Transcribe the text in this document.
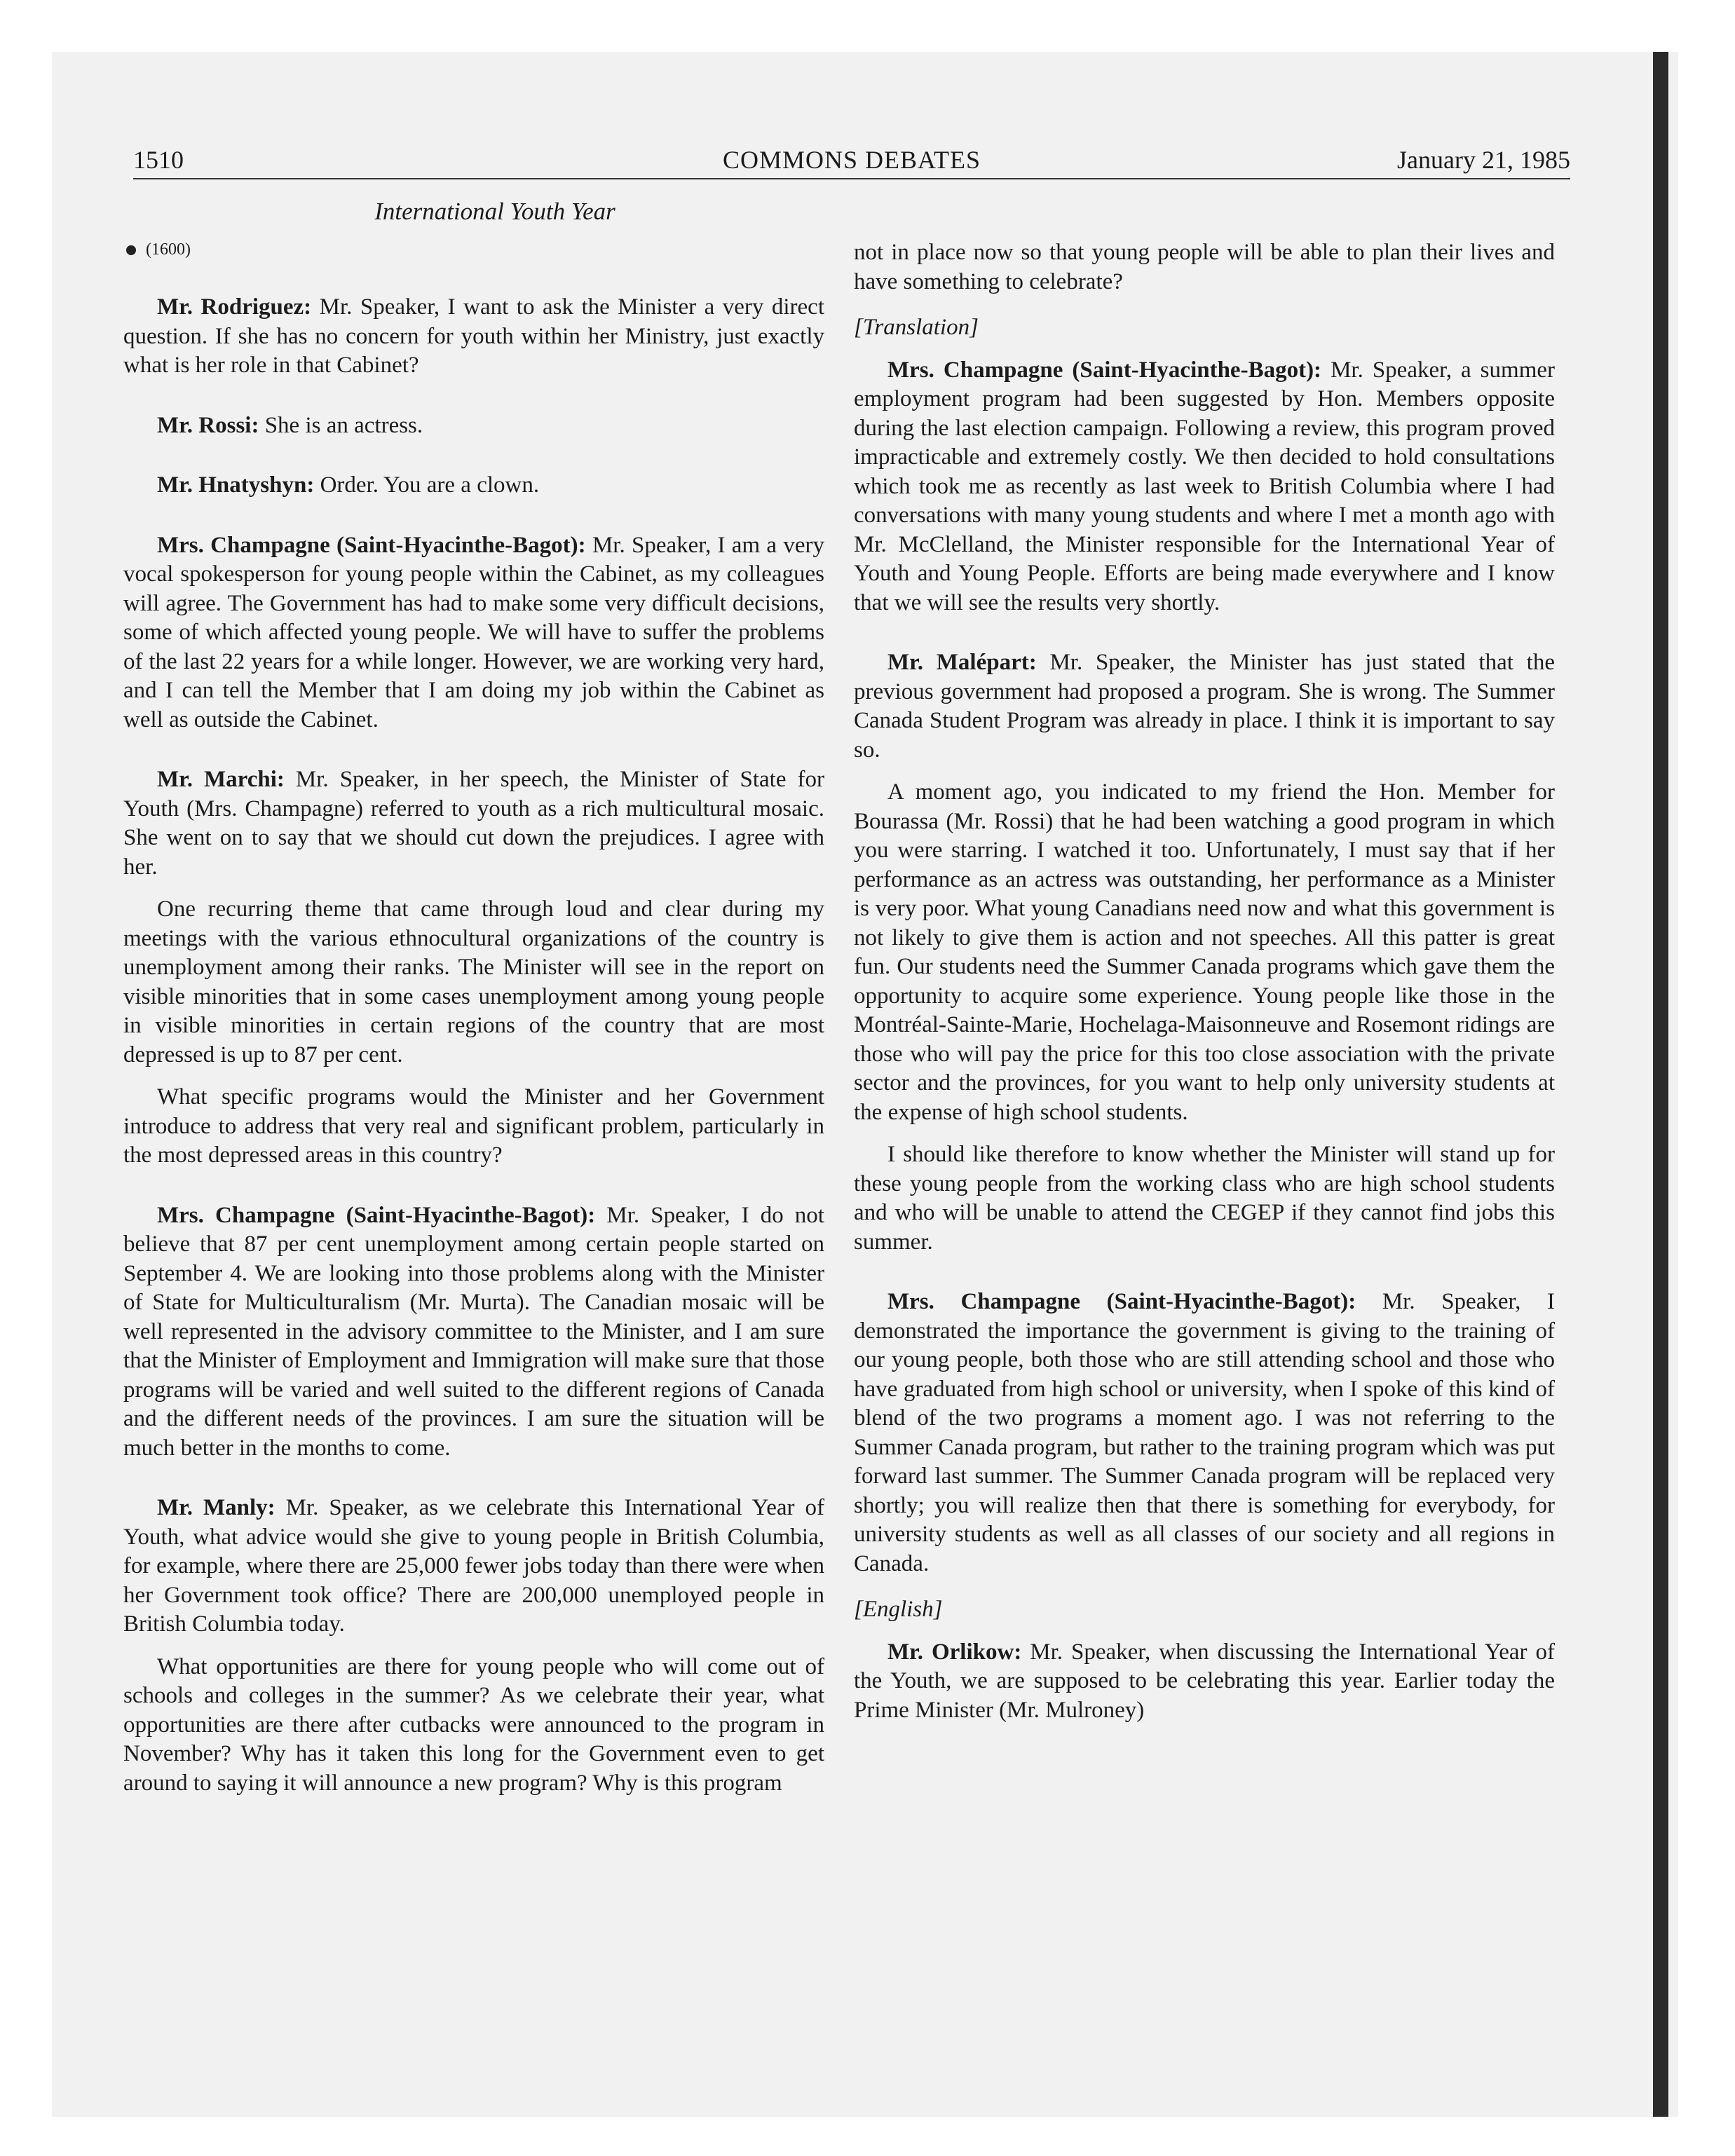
1510	COMMONS DEBATES	January 21, 1985
International Youth Year
(1600)

Mr. Rodriguez: Mr. Speaker, I want to ask the Minister a very direct question. If she has no concern for youth within her Ministry, just exactly what is her role in that Cabinet?

Mr. Rossi: She is an actress.

Mr. Hnatyshyn: Order. You are a clown.

Mrs. Champagne (Saint-Hyacinthe-Bagot): Mr. Speaker, I am a very vocal spokesperson for young people within the Cabinet, as my colleagues will agree. The Government has had to make some very difficult decisions, some of which affected young people. We will have to suffer the problems of the last 22 years for a while longer. However, we are working very hard, and I can tell the Member that I am doing my job within the Cabinet as well as outside the Cabinet.

Mr. Marchi: Mr. Speaker, in her speech, the Minister of State for Youth (Mrs. Champagne) referred to youth as a rich multicultural mosaic. She went on to say that we should cut down the prejudices. I agree with her.

One recurring theme that came through loud and clear during my meetings with the various ethnocultural organizations of the country is unemployment among their ranks. The Minister will see in the report on visible minorities that in some cases unemployment among young people in visible minorities in certain regions of the country that are most depressed is up to 87 per cent.

What specific programs would the Minister and her Government introduce to address that very real and significant problem, particularly in the most depressed areas in this country?

Mrs. Champagne (Saint-Hyacinthe-Bagot): Mr. Speaker, I do not believe that 87 per cent unemployment among certain people started on September 4. We are looking into those problems along with the Minister of State for Multiculturalism (Mr. Murta). The Canadian mosaic will be well represented in the advisory committee to the Minister, and I am sure that the Minister of Employment and Immigration will make sure that those programs will be varied and well suited to the different regions of Canada and the different needs of the provinces. I am sure the situation will be much better in the months to come.

Mr. Manly: Mr. Speaker, as we celebrate this International Year of Youth, what advice would she give to young people in British Columbia, for example, where there are 25,000 fewer jobs today than there were when her Government took office? There are 200,000 unemployed people in British Columbia today.

What opportunities are there for young people who will come out of schools and colleges in the summer? As we celebrate their year, what opportunities are there after cutbacks were announced to the program in November? Why has it taken this long for the Government even to get around to saying it will announce a new program? Why is this program

not in place now so that young people will be able to plan their lives and have something to celebrate?

[Translation]

Mrs. Champagne (Saint-Hyacinthe-Bagot): Mr. Speaker, a summer employment program had been suggested by Hon. Members opposite during the last election campaign. Following a review, this program proved impracticable and extremely costly. We then decided to hold consultations which took me as recently as last week to British Columbia where I had conversations with many young students and where I met a month ago with Mr. McClelland, the Minister responsible for the International Year of Youth and Young People. Efforts are being made everywhere and I know that we will see the results very shortly.

Mr. Malépart: Mr. Speaker, the Minister has just stated that the previous government had proposed a program. She is wrong. The Summer Canada Student Program was already in place. I think it is important to say so.

A moment ago, you indicated to my friend the Hon. Member for Bourassa (Mr. Rossi) that he had been watching a good program in which you were starring. I watched it too. Unfortunately, I must say that if her performance as an actress was outstanding, her performance as a Minister is very poor. What young Canadians need now and what this government is not likely to give them is action and not speeches. All this patter is great fun. Our students need the Summer Canada programs which gave them the opportunity to acquire some experience. Young people like those in the Montréal-Sainte-Marie, Hochelaga-Maisonneuve and Rosemont ridings are those who will pay the price for this too close association with the private sector and the provinces, for you want to help only university students at the expense of high school students.

I should like therefore to know whether the Minister will stand up for these young people from the working class who are high school students and who will be unable to attend the CEGEP if they cannot find jobs this summer.

Mrs. Champagne (Saint-Hyacinthe-Bagot): Mr. Speaker, I demonstrated the importance the government is giving to the training of our young people, both those who are still attending school and those who have graduated from high school or university, when I spoke of this kind of blend of the two programs a moment ago. I was not referring to the Summer Canada program, but rather to the training program which was put forward last summer. The Summer Canada program will be replaced very shortly; you will realize then that there is something for everybody, for university students as well as all classes of our society and all regions in Canada.

[English]

Mr. Orlikow: Mr. Speaker, when discussing the International Year of the Youth, we are supposed to be celebrating this year. Earlier today the Prime Minister (Mr. Mulroney)
